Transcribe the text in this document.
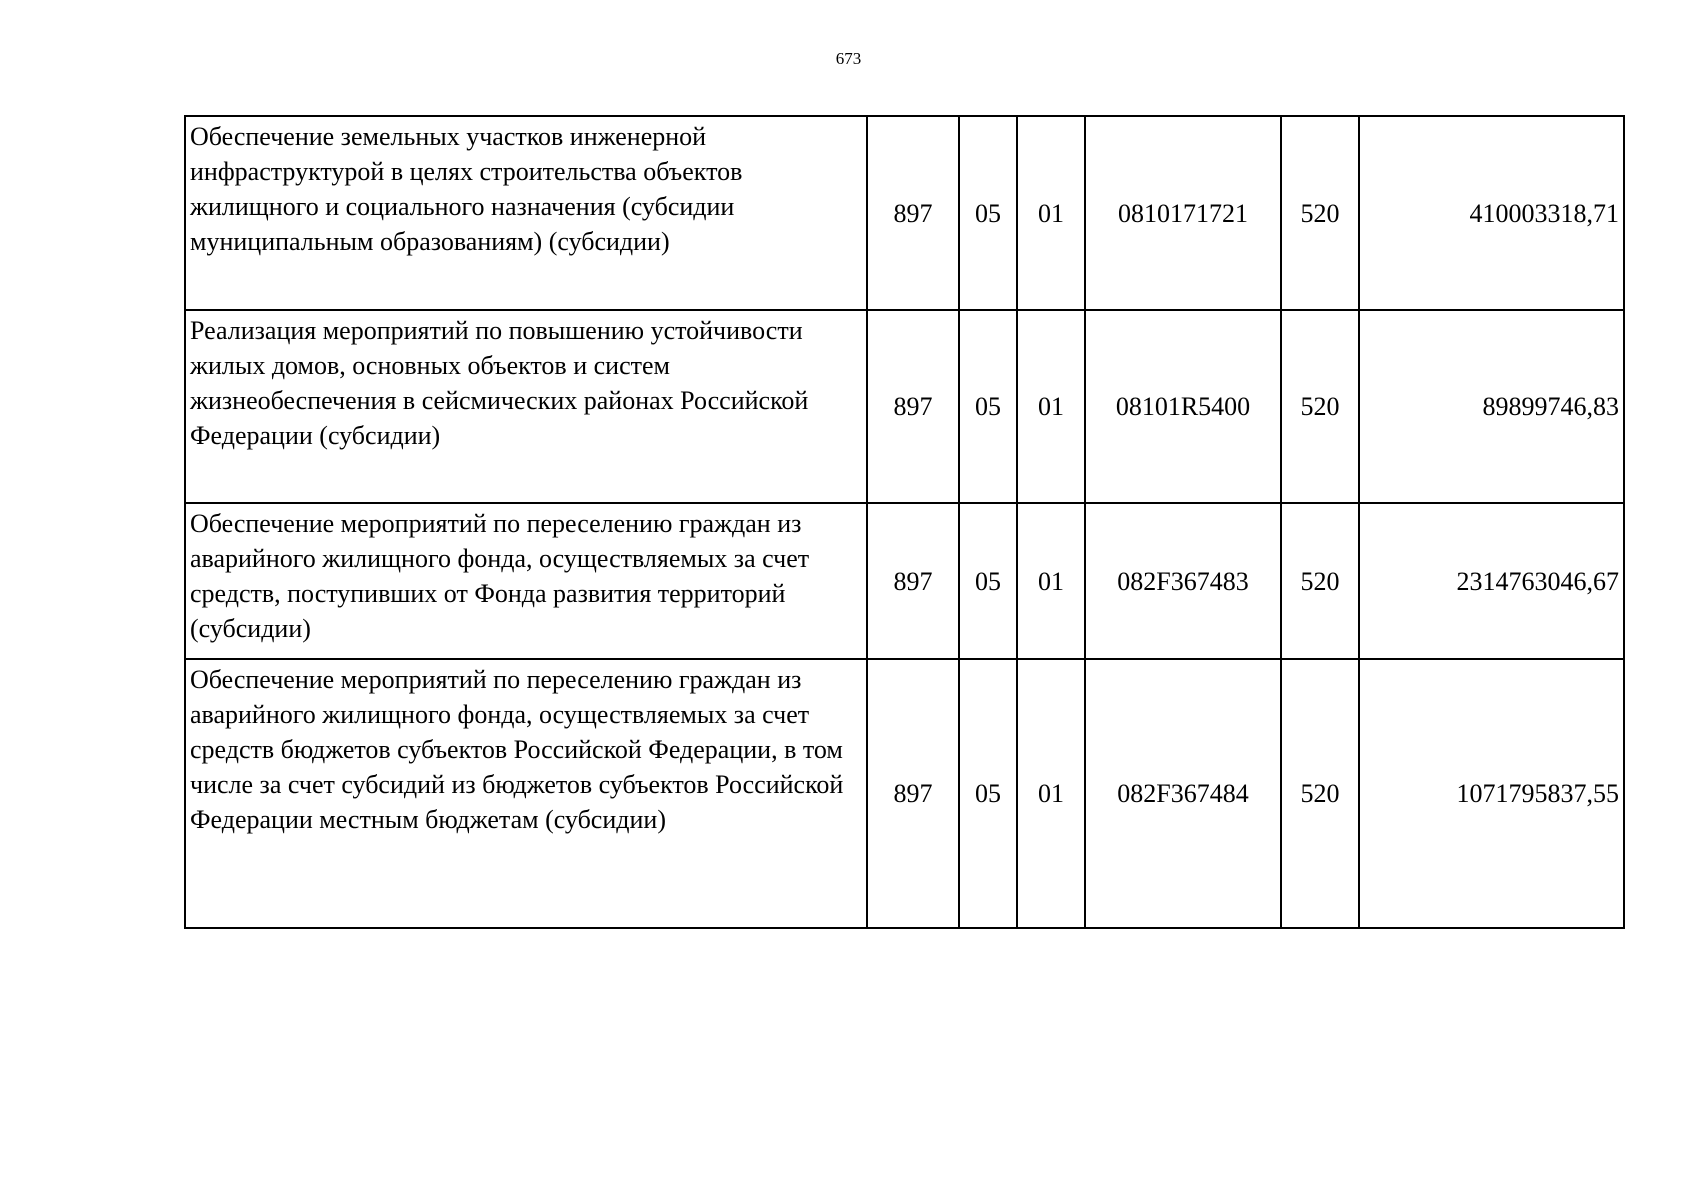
673
Обеспечение земельных участков инженерной инфраструктурой в целях строительства объектов жилищного и социального назначения (субсидии муниципальным образованиям) (субсидии)	897	05	01	0810171721	520	410003318,71
Реализация мероприятий по повышению устойчивости жилых домов, основных объектов и систем жизнеобеспечения в сейсмических районах Российской Федерации (субсидии)	897	05	01	08101R5400	520	89899746,83
Обеспечение мероприятий по переселению граждан из аварийного жилищного фонда, осуществляемых за счет средств, поступивших от Фонда развития территорий (субсидии)	897	05	01	082F367483	520	2314763046,67
Обеспечение мероприятий по переселению граждан из аварийного жилищного фонда, осуществляемых за счет средств бюджетов субъектов Российской Федерации, в том числе за счет субсидий из бюджетов субъектов Российской Федерации местным бюджетам (субсидии)	897	05	01	082F367484	520	1071795837,55
